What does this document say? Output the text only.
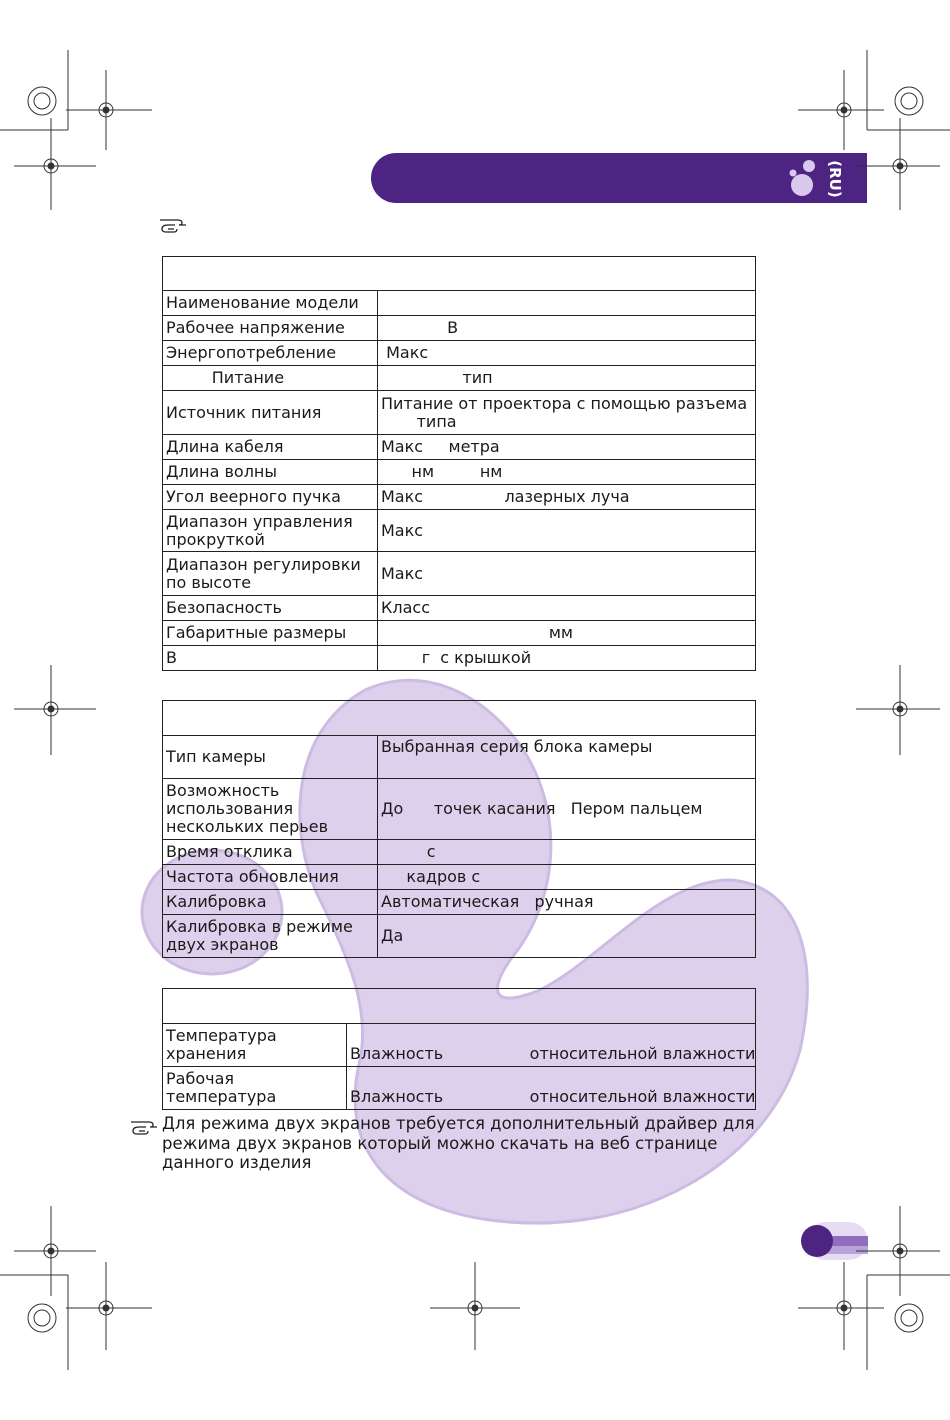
(RU)

Наименование модели	
Рабочее напряжение	В
Энергопотребление	Макс
Питание	тип
Источник питания	Питание от проектора с помощью разъема
типа
Длина кабеля	Макс     метра
Длина волны	нм         нм
Угол веерного пучка	Макс                лазерных луча
Диапазон управления
прокруткой	Макс
Диапазон регулировки
по высоте	Макс
Безопасность	Класс
Габаритные размеры	мм
В	г  с крышкой

Тип камеры	Выбранная серия блока камеры
Возможность
использования
нескольких перьев	До      точек касания   Пером пальцем
Время отклика	с
Частота обновления	кадров с
Калибровка	Автоматическая   ручная
Калибровка в режиме
двух экранов	Да

Температура
хранения	Влажность                 относительной влажности
Рабочая
температура	Влажность                 относительной влажности
Для режима двух экранов требуется дополнительный драйвер для режима двух экранов который можно скачать на веб странице данного изделия
